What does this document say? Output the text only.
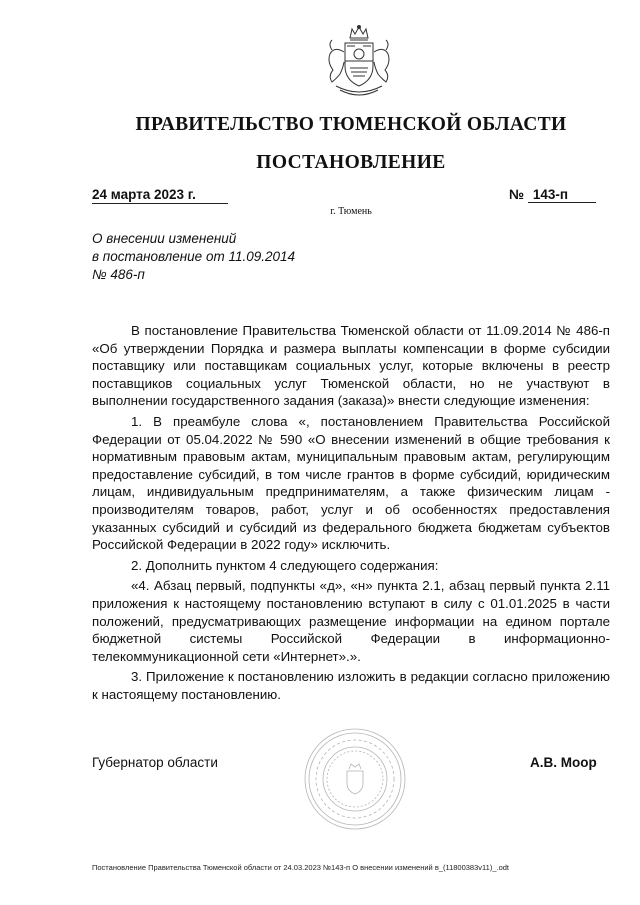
ПРАВИТЕЛЬСТВО ТЮМЕНСКОЙ ОБЛАСТИ
ПОСТАНОВЛЕНИЕ
24 марта 2023 г.	№ 143-п
г. Тюмень
О внесении изменений
в постановление от 11.09.2014
№ 486-п

В постановление Правительства Тюменской области от 11.09.2014 № 486-п «Об утверждении Порядка и размера выплаты компенсации в форме субсидии поставщику или поставщикам социальных услуг, которые включены в реестр поставщиков социальных услуг Тюменской области, но не участвуют в выполнении государственного задания (заказа)» внести следующие изменения:

1. В преамбуле слова «, постановлением Правительства Российской Федерации от 05.04.2022 № 590 «О внесении изменений в общие требования к нормативным правовым актам, муниципальным правовым актам, регулирующим предоставление субсидий, в том числе грантов в форме субсидий, юридическим лицам, индивидуальным предпринимателям, а также физическим лицам - производителям товаров, работ, услуг и об особенностях предоставления указанных субсидий и субсидий из федерального бюджета бюджетам субъектов Российской Федерации в 2022 году» исключить.

2. Дополнить пунктом 4 следующего содержания:

«4. Абзац первый, подпункты «д», «н» пункта 2.1, абзац первый пункта 2.11 приложения к настоящему постановлению вступают в силу с 01.01.2025 в части положений, предусматривающих размещение информации на едином портале бюджетной системы Российской Федерации в информационно-телекоммуникационной сети «Интернет».».

3. Приложение к постановлению изложить в редакции согласно приложению к настоящему постановлению.

Губернатор области	А.В. Моор
Постановление Правительства Тюменской области от 24.03.2023 №143-п О внесении изменений в_(11800383v11)_.odt
